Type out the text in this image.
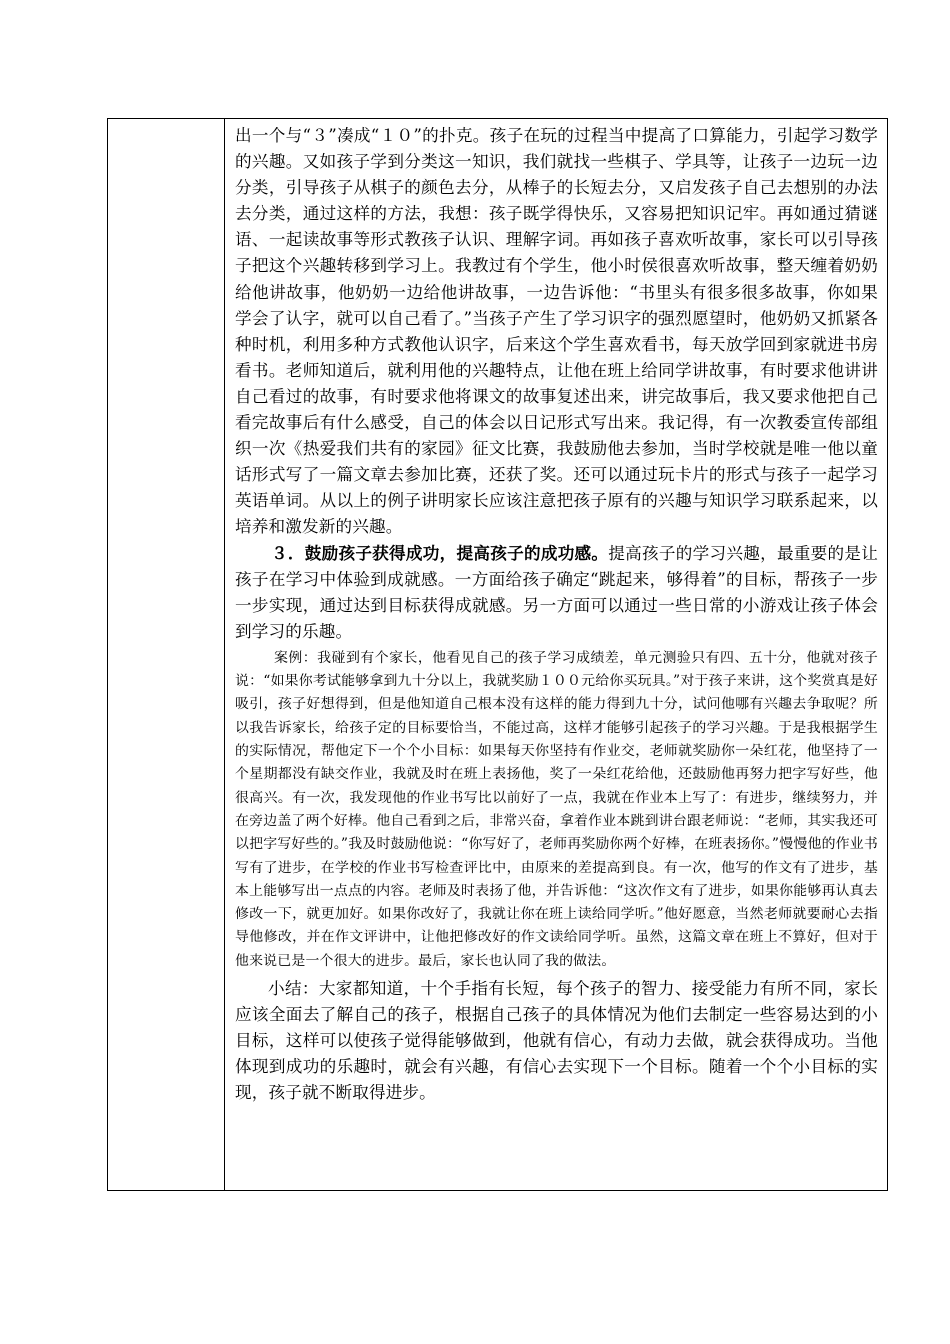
出一个与“３”凑成“１０”的扑克。孩子在玩的过程当中提高了口算能力，引起学习数学的兴趣。又如孩子学到分类这一知识，我们就找一些棋子、学具等，让孩子一边玩一边分类，引导孩子从棋子的颜色去分，从棒子的长短去分，又启发孩子自己去想别的办法去分类，通过这样的方法，我想：孩子既学得快乐，又容易把知识记牢。再如通过猜谜语、一起读故事等形式教孩子认识、理解字词。再如孩子喜欢听故事，家长可以引导孩子把这个兴趣转移到学习上。我教过有个学生，他小时侯很喜欢听故事，整天缠着奶奶给他讲故事，他奶奶一边给他讲故事，一边告诉他：“书里头有很多很多故事，你如果学会了认字，就可以自己看了。”当孩子产生了学习识字的强烈愿望时，他奶奶又抓紧各种时机，利用多种方式教他认识字，后来这个学生喜欢看书，每天放学回到家就进书房看书。老师知道后，就利用他的兴趣特点，让他在班上给同学讲故事，有时要求他讲讲自己看过的故事，有时要求他将课文的故事复述出来，讲完故事后，我又要求他把自己看完故事后有什么感受，自己的体会以日记形式写出来。我记得，有一次教委宣传部组织一次《热爱我们共有的家园》征文比赛，我鼓励他去参加，当时学校就是唯一他以童话形式写了一篇文章去参加比赛，还获了奖。还可以通过玩卡片的形式与孩子一起学习英语单词。从以上的例子讲明家长应该注意把孩子原有的兴趣与知识学习联系起来，以培养和激发新的兴趣。

３．鼓励孩子获得成功，提高孩子的成功感。提高孩子的学习兴趣，最重要的是让孩子在学习中体验到成就感。一方面给孩子确定“跳起来，够得着”的目标，帮孩子一步一步实现，通过达到目标获得成就感。另一方面可以通过一些日常的小游戏让孩子体会到学习的乐趣。

案例：我碰到有个家长，他看见自己的孩子学习成绩差，单元测验只有四、五十分，他就对孩子说：“如果你考试能够拿到九十分以上，我就奖励１００元给你买玩具。”对于孩子来讲，这个奖赏真是好吸引，孩子好想得到，但是他知道自己根本没有这样的能力得到九十分，试问他哪有兴趣去争取呢？所以我告诉家长，给孩子定的目标要恰当，不能过高，这样才能够引起孩子的学习兴趣。于是我根据学生的实际情况，帮他定下一个个小目标：如果每天你坚持有作业交，老师就奖励你一朵红花，他坚持了一个星期都没有缺交作业，我就及时在班上表扬他，奖了一朵红花给他，还鼓励他再努力把字写好些，他很高兴。有一次，我发现他的作业书写比以前好了一点，我就在作业本上写了：有进步，继续努力，并在旁边盖了两个好棒。他自己看到之后，非常兴奋，拿着作业本跳到讲台跟老师说：“老师，其实我还可以把字写好些的。”我及时鼓励他说：“你写好了，老师再奖励你两个好棒，在班表扬你。”慢慢他的作业书写有了进步，在学校的作业书写检查评比中，由原来的差提高到良。有一次，他写的作文有了进步，基本上能够写出一点点的内容。老师及时表扬了他，并告诉他：“这次作文有了进步，如果你能够再认真去修改一下，就更加好。如果你改好了，我就让你在班上读给同学听。”他好愿意，当然老师就要耐心去指导他修改，并在作文评讲中，让他把修改好的作文读给同学听。虽然，这篇文章在班上不算好，但对于他来说已是一个很大的进步。最后，家长也认同了我的做法。

小结：大家都知道，十个手指有长短，每个孩子的智力、接受能力有所不同，家长应该全面去了解自己的孩子，根据自己孩子的具体情况为他们去制定一些容易达到的小目标，这样可以使孩子觉得能够做到，他就有信心，有动力去做，就会获得成功。当他体现到成功的乐趣时，就会有兴趣，有信心去实现下一个目标。随着一个个小目标的实现，孩子就不断取得进步。
